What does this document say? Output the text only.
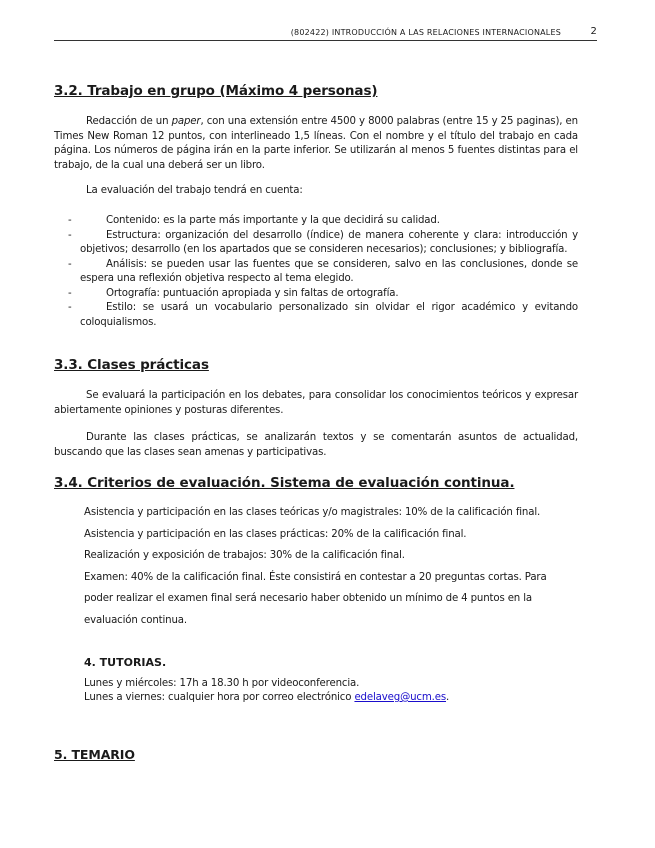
(802422) INTRODUCCIÓN A LAS RELACIONES INTERNACIONALES	2
3.2. Trabajo en grupo (Máximo 4 personas)

Redacción de un paper, con una extensión entre 4500 y 8000 palabras (entre 15 y 25 paginas), en Times New Roman 12 puntos, con interlineado 1,5 líneas. Con el nombre y el título del trabajo en cada página. Los números de página irán en la parte inferior. Se utilizarán al menos 5 fuentes distintas para el trabajo, de la cual una deberá ser un libro.

La evaluación del trabajo tendrá en cuenta:
-	Contenido: es la parte más importante y la que decidirá su calidad.
-	Estructura: organización del desarrollo (índice) de manera coherente y clara: introducción y objetivos; desarrollo (en los apartados que se consideren necesarios); conclusiones; y bibliografía.
-	Análisis: se pueden usar las fuentes que se consideren, salvo en las conclusiones, donde se espera una reflexión objetiva respecto al tema elegido.
-	Ortografía: puntuación apropiada y sin faltas de ortografía.
-	Estilo: se usará un vocabulario personalizado sin olvidar el rigor académico y evitando coloquialismos.
3.3. Clases prácticas

Se evaluará la participación en los debates, para consolidar los conocimientos teóricos y expresar abiertamente opiniones y posturas diferentes.

Durante las clases prácticas, se analizarán textos y se comentarán asuntos de actualidad, buscando que las clases sean amenas y participativas.

3.4. Criterios de evaluación. Sistema de evaluación continua.

Asistencia y participación en las clases teóricas y/o magistrales: 10% de la calificación final.

Asistencia y participación en las clases prácticas: 20% de la calificación final.

Realización y exposición de trabajos: 30% de la calificación final.

Examen: 40% de la calificación final. Éste consistirá en contestar a 20 preguntas cortas. Para poder realizar el examen final será necesario haber obtenido un mínimo de 4 puntos en la evaluación continua.

4. TUTORIAS.

Lunes y miércoles: 17h a 18.30 h por videoconferencia.

Lunes a viernes: cualquier hora por correo electrónico edelaveg@ucm.es.

5. TEMARIO
